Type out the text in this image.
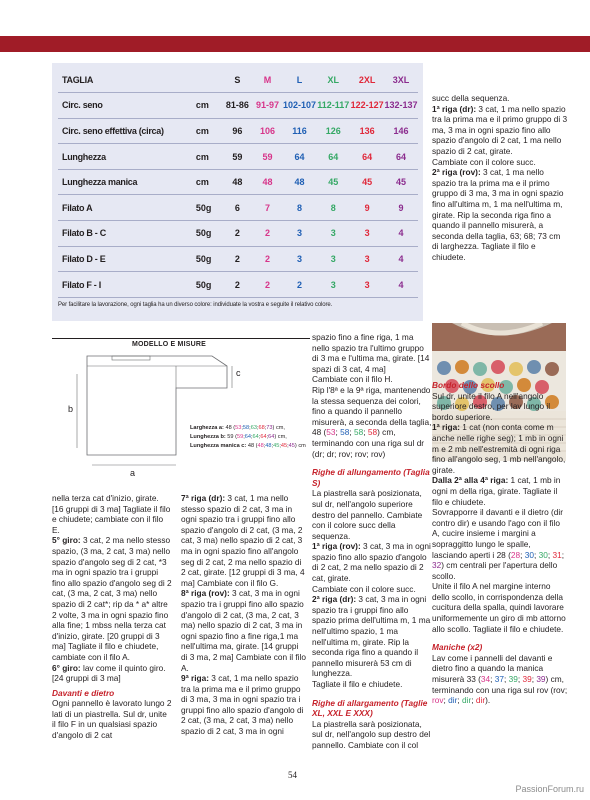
TAGLIA		S	M	L	XL	2XL	3XL
Circ. seno	cm	81-86	91-97	102-107	112-117	122-127	132-137
Circ. seno effettiva (circa)	cm	96	106	116	126	136	146
Lunghezza	cm	59	59	64	64	64	64
Lunghezza manica	cm	48	48	48	45	45	45
Filato A	50g	6	7	8	8	9	9
Filato B - C	50g	2	2	3	3	3	4
Filato D - E	50g	2	2	3	3	3	4
Filato F - I	50g	2	2	2	3	3	4
Per facilitare la lavorazione, ogni taglia ha un diverso colore: individuate la vostra e seguite il relativo colore.
MODELLO E MISURE
b
a
c
Larghezza a:
48 ( 53 ; 58 ; 63 ; 68 ; 73 ) cm,
Lunghezza b:
59 ( 59 ; 64 ; 64 ; 64 ; 64 ) cm,
Lunghezza manica c:
48 ( 48 ; 48 ; 45 ; 45 ; 45 ) cm

nella terza cat d'inizio, girate. [16 gruppi di 3 ma] Tagliate il filo e chiudete; cambiate con il filo E.

5° giro: 3 cat, 2 ma nello stesso spazio, (3 ma, 2 cat, 3 ma) nello spazio d'angolo seg di 2 cat, *3 ma in ogni spazio tra i gruppi fino allo spazio d'angolo seg di 2 cat, (3 ma, 2 cat, 3 ma) nello spazio di 2 cat*; rip da * a* altre 2 volte, 3 ma in ogni spazio fino alla fine; 1 mbss nella terza cat d'inizio, girate. [20 gruppi di 3 ma] Tagliate il filo e chiudete, cambiate con il filo A.

6° giro: lav come il quinto giro. [24 gruppi di 3 ma]

Davanti e dietro

Ogni pannello è lavorato lungo 2 lati di un piastrella. Sul dr, unite il filo F in un qualsiasi spazio d'angolo di 2 cat

7ª riga (dr): 3 cat, 1 ma nello stesso spazio di 2 cat, 3 ma in ogni spazio tra i gruppi fino allo spazio d'angolo di 2 cat, (3 ma, 2 cat, 3 ma) nello spazio di 2 cat, 3 ma in ogni spazio fino all'angolo seg di 2 cat, 2 ma nello spazio di 2 cat, girate. [12 gruppi di 3 ma, 4 ma] Cambiate con il filo G.

8ª riga (rov): 3 cat, 3 ma in ogni spazio tra i gruppi fino allo spazio d'angolo di 2 cat, (3 ma, 2 cat, 3 ma) nello spazio di 2 cat, 3 ma in ogni spazio fino a fine riga,1 ma nell'ultima ma, girate. [14 gruppi di 3 ma, 2 ma] Cambiate con il filo A.

9ª riga: 3 cat, 1 ma nello spazio tra la prima ma e il primo gruppo di 3 ma, 3 ma in ogni spazio tra i gruppi fino allo spazio d'angolo di 2 cat, (3 ma, 2 cat, 3 ma) nello spazio di 2 cat, 3 ma in ogni

spazio fino a fine riga, 1 ma nello spazio tra l'ultimo gruppo di 3 ma e l'ultima ma, girate. [14 spazi di 3 cat, 4 ma]

Cambiate con il filo H.

Rip l'8ª e la 9ª riga, mantenendo la stessa sequenza dei colori, fino a quando il pannello misurerà, a seconda della taglia, 48 (53; 58; 58; 58) cm, terminando con una riga sul dr (dr; dr; rov; rov; rov)

Righe di allungamento (Taglia S)

La piastrella sarà posizionata, sul dr, nell'angolo superiore destro del pannello. Cambiate con il colore succ della sequenza.

1ª riga (rov): 3 cat, 3 ma in ogni spazio fino allo spazio d'angolo di 2 cat, 2 ma nello spazio di 2 cat, girate.

Cambiate con il colore succ.

2ª riga (dr): 3 cat, 3 ma in ogni spazio tra i gruppi fino allo spazio prima dell'ultima m, 1 ma nell'ultimo spazio, 1 ma nell'ultima m, girate. Rip la seconda riga fino a quando il pannello misurerà 53 cm di lunghezza.

Tagliate il filo e chiudete.

Righe di allargamento (Taglie XL, XXL E XXX)

La piastrella sarà posizionata, sul dr, nell'angolo sup destro del pannello. Cambiate con il col

succ della sequenza.

1ª riga (dr): 3 cat, 1 ma nello spazio tra la prima ma e il primo gruppo di 3 ma, 3 ma in ogni spazio fino allo spazio d'angolo di 2 cat, 1 ma nello spazio di 2 cat, girate.

Cambiate con il colore succ.

2ª riga (rov): 3 cat, 1 ma nello spazio tra la prima ma e il primo gruppo di 3 ma, 3 ma in ogni spazio fino all'ultima m, 1 ma nell'ultima m, girate. Rip la seconda riga fino a quando il pannello misurerà, a seconda della taglia, 63; 68; 73 cm di larghezza. Tagliate il filo e chiudete.

Bordo dello scollo

Sul dr, unite il filo A nell'angolo superiore destro, per lav lungo il bordo superiore.

1ª riga: 1 cat (non conta come m anche nelle righe seg); 1 mb in ogni m e 2 mb nell'estremità di ogni riga fino all'angolo seg, 1 mb nell'angolo, girate.

Dalla 2ª alla 4ª riga: 1 cat, 1 mb in ogni m della riga, girate. Tagliate il filo e chiudete.

Sovrapporre il davanti e il dietro (dir contro dir) e usando l'ago con il filo A, cucire insieme i margini a sopraggitto lungo le spalle, lasciando aperti i 28 (28; 30; 30; 31; 32) cm centrali per l'apertura dello scollo.

Unite il filo A nel margine interno dello scollo, in corrispondenza della cucitura della spalla, quindi lavorare uniformemente un giro di mb attorno allo scollo. Tagliate il filo e chiudete.

Maniche (x2)

Lav come i pannelli del davanti e dietro fino a quando la manica misurerà 33 (34; 37; 39; 39; 39) cm, terminando con una riga sul rov (rov; rov; dir; dir; dir).

54
PassionForum.ru
